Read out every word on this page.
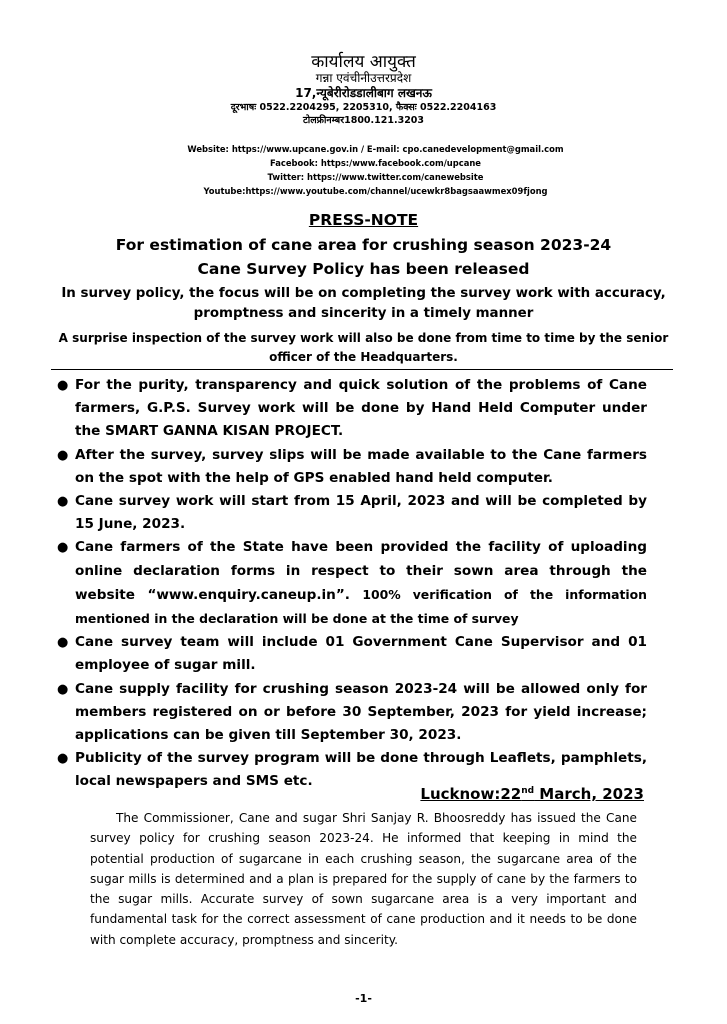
कार्यालय आयुक्त
गन्ना एवंचीनीउत्तरप्रदेश
17,न्यूबेरीरोडडालीबाग लखनऊ
दूरभाषः 0522.2204295, 2205310, फैक्सः 0522.2204163
टोलफ्रीनम्बर1800.121.3203
Website: https://www.upcane.gov.in / E-mail: cpo.canedevelopment@gmail.com
Facebook: https:/www.facebook.com/upcane
Twitter: https://www.twitter.com/canewebsite
Youtube:https://www.youtube.com/channel/ucewkr8bagsaawmex09fjong
PRESS-NOTE
For estimation of cane area for crushing season 2023-24
Cane Survey Policy has been released
In survey policy, the focus will be on completing the survey work with accuracy, promptness and sincerity in a timely manner
A surprise inspection of the survey work will also be done from time to time by the senior officer of the Headquarters.
● For the purity, transparency and quick solution of the problems of Cane farmers, G.P.S. Survey work will be done by Hand Held Computer under the SMART GANNA KISAN PROJECT.
● After the survey, survey slips will be made available to the Cane farmers on the spot with the help of GPS enabled hand held computer.
● Cane survey work will start from 15 April, 2023 and will be completed by 15 June, 2023.
● Cane farmers of the State have been provided the facility of uploading online declaration forms in respect to their sown area through the website “www.enquiry.caneup.in”. 100% verification of the information mentioned in the declaration will be done at the time of survey
● Cane survey team will include 01 Government Cane Supervisor and 01 employee of sugar mill.
● Cane supply facility for crushing season 2023-24 will be allowed only for members registered on or before 30 September, 2023 for yield increase; applications can be given till September 30, 2023.
● Publicity of the survey program will be done through Leaflets, pamphlets, local newspapers and SMS etc.
Lucknow:22nd March, 2023

The Commissioner, Cane and sugar Shri Sanjay R. Bhoosreddy has issued the Cane survey policy for crushing season 2023-24. He informed that keeping in mind the potential production of sugarcane in each crushing season, the sugarcane area of the sugar mills is determined and a plan is prepared for the supply of cane by the farmers to the sugar mills. Accurate survey of sown sugarcane area is a very important and fundamental task for the correct assessment of cane production and it needs to be done with complete accuracy, promptness and sincerity.

-1-
